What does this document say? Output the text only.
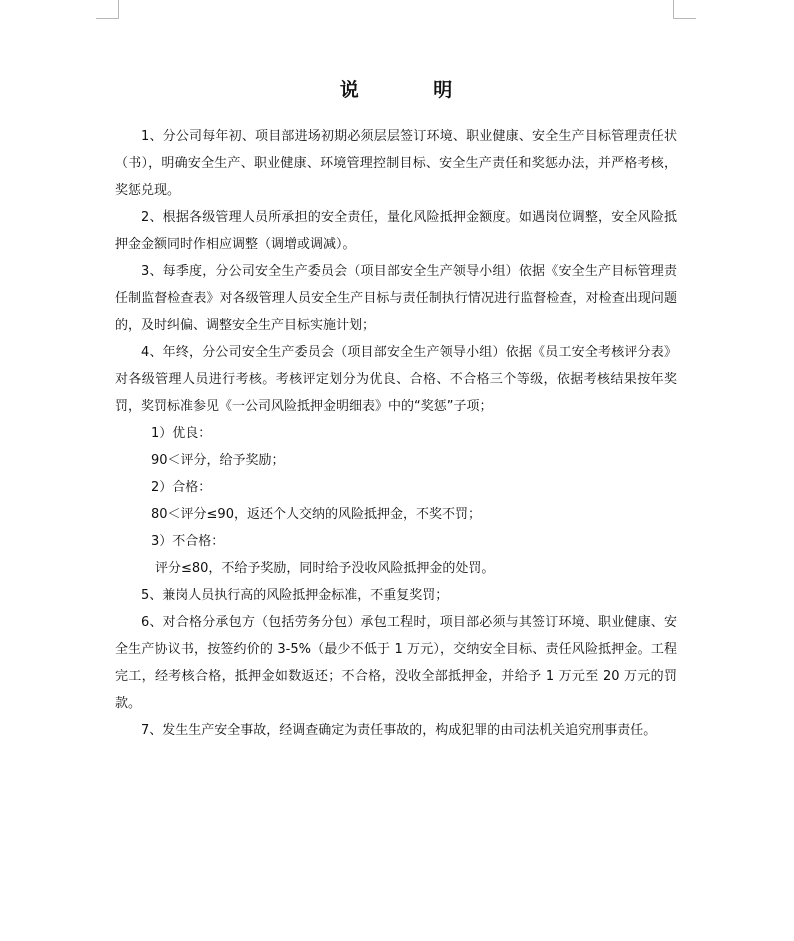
说 明

1、分公司每年初、项目部进场初期必须层层签订环境、职业健康、安全生产目标管理责任状（书），明确安全生产、职业健康、环境管理控制目标、安全生产责任和奖惩办法，并严格考核，奖惩兑现。

2、根据各级管理人员所承担的安全责任，量化风险抵押金额度。如遇岗位调整，安全风险抵押金金额同时作相应调整（调增或调减）。

3、每季度，分公司安全生产委员会（项目部安全生产领导小组）依据《安全生产目标管理责任制监督检查表》对各级管理人员安全生产目标与责任制执行情况进行监督检查，对检查出现问题的，及时纠偏、调整安全生产目标实施计划；

4、年终，分公司安全生产委员会（项目部安全生产领导小组）依据《员工安全考核评分表》对各级管理人员进行考核。考核评定划分为优良、合格、不合格三个等级，依据考核结果按年奖罚，奖罚标准参见《一公司风险抵押金明细表》中的“奖惩”子项；

1）优良：

90＜评分，给予奖励；

2）合格：

80＜评分≤90，返还个人交纳的风险抵押金，不奖不罚；

3）不合格：

评分≤80，不给予奖励，同时给予没收风险抵押金的处罚。

5、兼岗人员执行高的风险抵押金标准，不重复奖罚；

6、对合格分承包方（包括劳务分包）承包工程时，项目部必须与其签订环境、职业健康、安全生产协议书，按签约价的 3-5%（最少不低于 1 万元），交纳安全目标、责任风险抵押金。工程完工，经考核合格，抵押金如数返还；不合格，没收全部抵押金，并给予 1 万元至 20 万元的罚款。

7、发生生产安全事故，经调查确定为责任事故的，构成犯罪的由司法机关追究刑事责任。
